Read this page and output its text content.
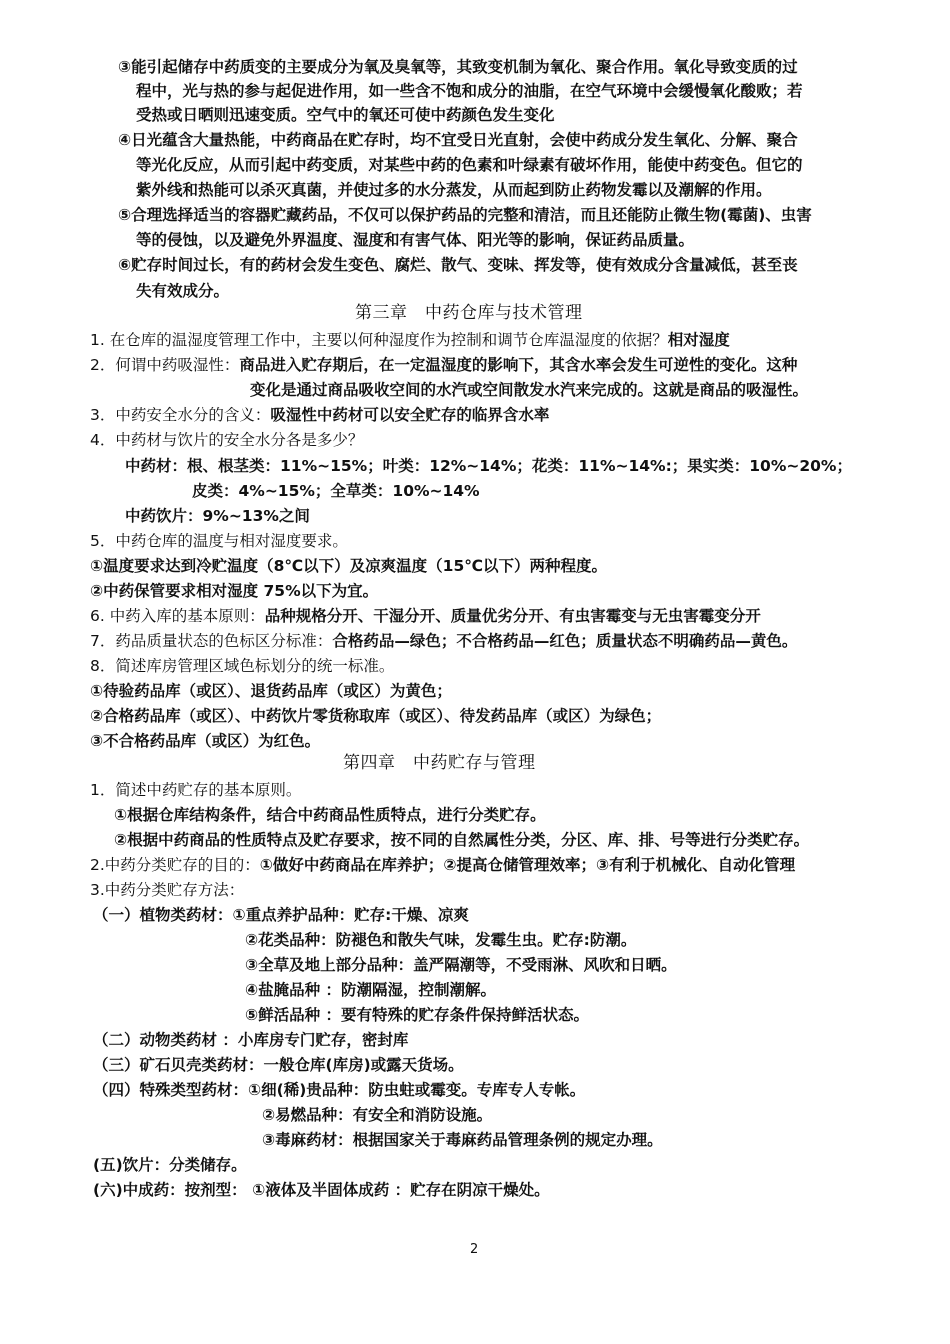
③能引起储存中药质变的主要成分为氧及臭氧等，其致变机制为氧化、聚合作用。氧化导致变质的过
程中，光与热的参与起促进作用，如一些含不饱和成分的油脂，在空气环境中会缓慢氧化酸败；若
受热或日晒则迅速变质。空气中的氧还可使中药颜色发生变化
④日光蕴含大量热能，中药商品在贮存时，均不宜受日光直射，会使中药成分发生氧化、分解、聚合
等光化反应，从而引起中药变质，对某些中药的色素和叶绿素有破坏作用，能使中药变色。但它的
紫外线和热能可以杀灭真菌，并使过多的水分蒸发，从而起到防止药物发霉以及潮解的作用。
⑤合理选择适当的容器贮藏药品，不仅可以保护药品的完整和清洁，而且还能防止微生物(霉菌)、虫害
等的侵蚀，以及避免外界温度、湿度和有害气体、阳光等的影响，保证药品质量。
⑥贮存时间过长，有的药材会发生变色、腐烂、散气、变味、挥发等，使有效成分含量减低，甚至丧
失有效成分。
第三章　中药仓库与技术管理
1. 在仓库的温湿度管理工作中，主要以何种湿度作为控制和调节仓库温湿度的依据？相对湿度
2．何谓中药吸湿性：商品进入贮存期后，在一定温湿度的影响下，其含水率会发生可逆性的变化。这种
变化是通过商品吸收空间的水汽或空间散发水汽来完成的。这就是商品的吸湿性。
3．中药安全水分的含义：吸湿性中药材可以安全贮存的临界含水率
4．中药材与饮片的安全水分各是多少？
中药材：根、根茎类：11%~15%；叶类：12%~14%；花类：11%~14%:；果实类：10%~20%；
皮类：4%~15%；全草类：10%~14%
中药饮片：9%~13%之间
5．中药仓库的温度与相对湿度要求。
①温度要求达到冷贮温度（8℃以下）及凉爽温度（15℃以下）两种程度。
②中药保管要求相对湿度 75%以下为宜。
6. 中药入库的基本原则：品种规格分开、干湿分开、质量优劣分开、有虫害霉变与无虫害霉变分开
7．药品质量状态的色标区分标准：合格药品—绿色；不合格药品—红色；质量状态不明确药品—黄色。
8．简述库房管理区域色标划分的统一标准。
①待验药品库（或区）、退货药品库（或区）为黄色；
②合格药品库（或区）、中药饮片零货称取库（或区）、待发药品库（或区）为绿色；
③不合格药品库（或区）为红色。
第四章　中药贮存与管理
1．简述中药贮存的基本原则。
①根据仓库结构条件，结合中药商品性质特点，进行分类贮存。
②根据中药商品的性质特点及贮存要求，按不同的自然属性分类，分区、库、排、号等进行分类贮存。
2.中药分类贮存的目的：①做好中药商品在库养护；②提高仓储管理效率；③有利于机械化、自动化管理
3.中药分类贮存方法：
（一）植物类药材：①重点养护品种：贮存:干燥、凉爽
②花类品种：防褪色和散失气味，发霉生虫。贮存:防潮。
③全草及地上部分品种：盖严隔潮等，不受雨淋、风吹和日晒。
④盐腌品种 ：防潮隔湿，控制潮解。
⑤鲜活品种 ：要有特殊的贮存条件保持鲜活状态。
（二）动物类药材 ：小库房专门贮存，密封库
（三）矿石贝壳类药材：一般仓库(库房)或露天货场。
（四）特殊类型药材：①细(稀)贵品种：防虫蛀或霉变。专库专人专帐。
②易燃品种：有安全和消防设施。
③毒麻药材：根据国家关于毒麻药品管理条例的规定办理。
(五)饮片：分类储存。
(六)中成药：按剂型： ①液体及半固体成药 ：贮存在阴凉干燥处。
2
